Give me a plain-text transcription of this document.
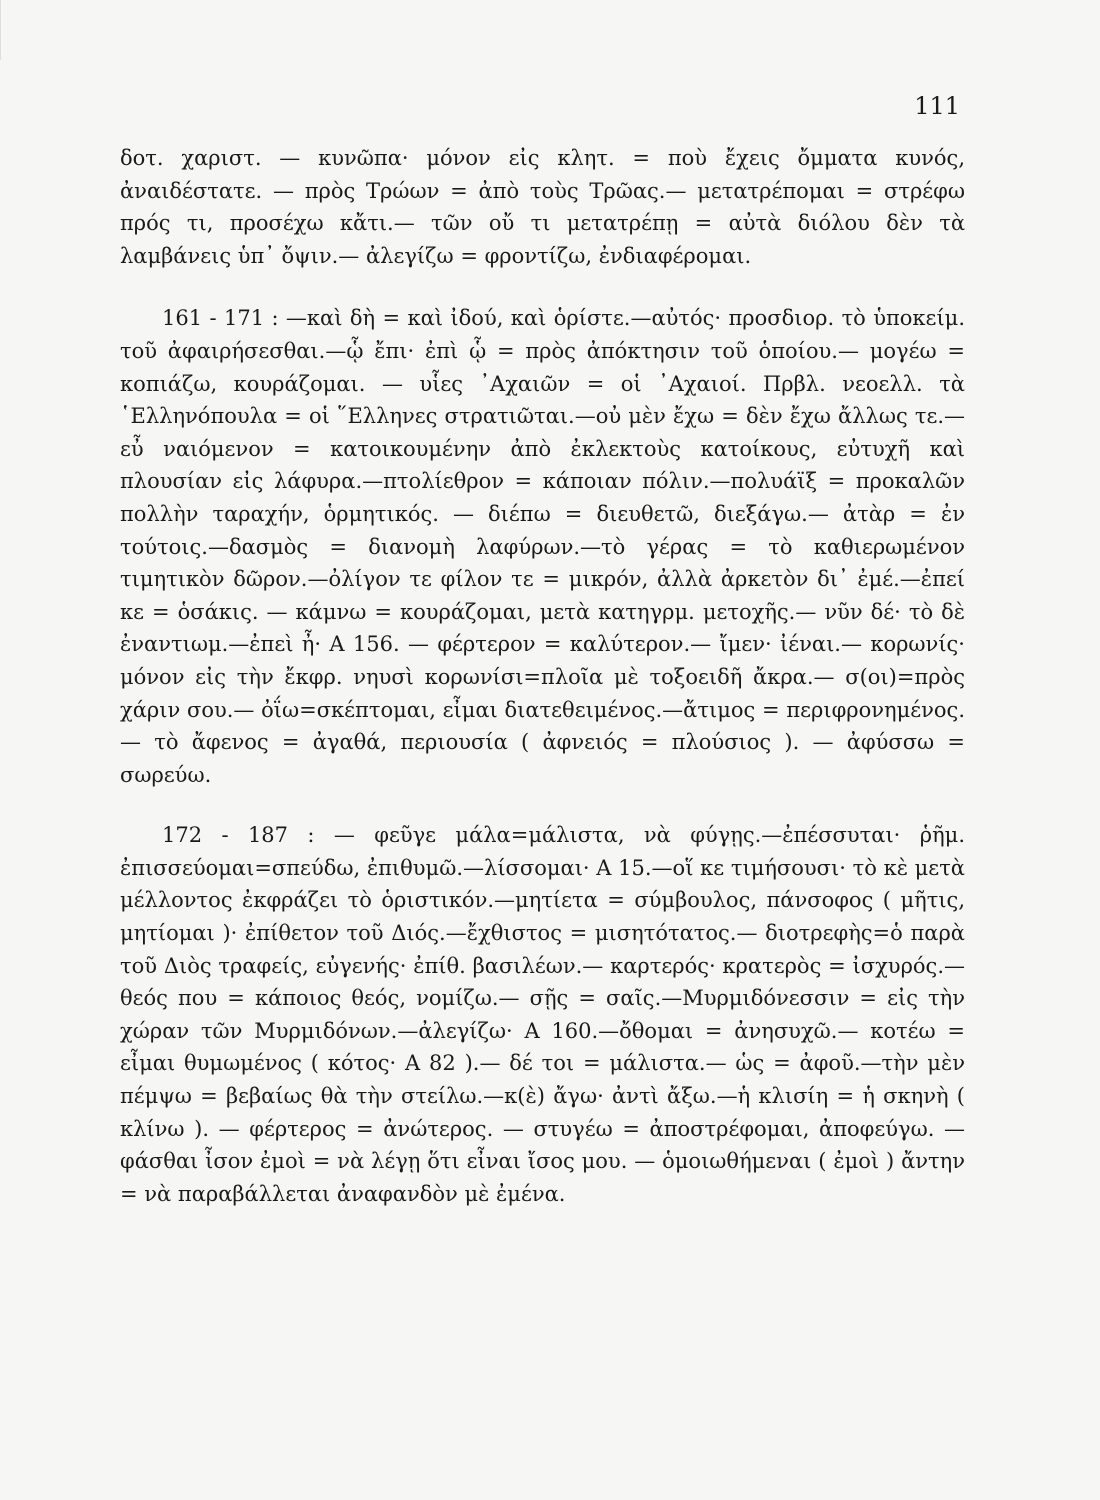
111

δοτ. χαριστ. — κυνῶπα· μόνον εἰς κλητ. = ποὺ ἔχεις ὄμματα κυνός, ἀναιδέστατε. — πρὸς Τρώων = ἀπὸ τοὺς Τρῶας.— μετατρέπομαι = στρέφω πρός τι, προσέχω κἄτι.— τῶν οὔ τι μετατρέπῃ = αὐτὰ διόλου δὲν τὰ λαμβάνεις ὑπ᾽ ὄψιν.— ἀλεγίζω = φροντίζω, ἐνδιαφέρομαι.

161 - 171 : —καὶ δὴ = καὶ ἰδού, καὶ ὁρίστε.—αὐτός· προσδιορ. τὸ ὑποκείμ. τοῦ ἀφαιρήσεσθαι.—ᾧ ἔπι· ἐπὶ ᾧ = πρὸς ἀπόκτησιν τοῦ ὁποίου.— μογέω = κοπιάζω, κουράζομαι. — υἷες ᾽Αχαιῶν = οἱ ᾽Αχαιοί. Πρβλ. νεοελλ. τὰ ῾Ελληνόπουλα = οἱ ῞Ελληνες στρατιῶται.—οὐ μὲν ἔχω = δὲν ἔχω ἄλλως τε.— εὖ ναιόμενον = κατοικουμένην ἀπὸ ἐκλεκτοὺς κατοίκους, εὐτυχῆ καὶ πλουσίαν εἰς λάφυρα.—πτολίεθρον = κάποιαν πόλιν.—πολυάϊξ = προκαλῶν πολλὴν ταραχήν, ὁρμητικός. — διέπω = διευθετῶ, διεξάγω.— ἀτὰρ = ἐν τούτοις.—δασμὸς = διανομὴ λαφύρων.—τὸ γέρας = τὸ καθιερωμένον τιμητικὸν δῶρον.—ὀλίγον τε φίλον τε = μικρόν, ἀλλὰ ἀρκετὸν δι᾽ ἐμέ.—ἐπεί κε = ὁσάκις. — κάμνω = κουράζομαι, μετὰ κατηγρμ. μετοχῆς.— νῦν δέ· τὸ δὲ ἐναντιωμ.—ἐπεὶ ἦ· Α 156. — φέρτερον = καλύτερον.— ἴμεν· ἰέναι.— κορωνίς· μόνον εἰς τὴν ἔκφρ. νηυσὶ κορωνίσι=πλοῖα μὲ τοξοειδῆ ἄκρα.— σ(οι)=πρὸς χάριν σου.— ὀΐω=σκέπτομαι, εἶμαι διατεθειμένος.—ἄτιμος = περιφρονημένος.— τὸ ἄφενος = ἀγαθά, περιουσία ( ἀφνειός = πλούσιος ). — ἀφύσσω = σωρεύω.

172 - 187 : — φεῦγε μάλα=μάλιστα, νὰ φύγῃς.—ἐπέσσυται· ῥῆμ. ἐπισσεύομαι=σπεύδω, ἐπιθυμῶ.—λίσσομαι· Α 15.—οἵ κε τιμήσουσι· τὸ κὲ μετὰ μέλλοντος ἐκφράζει τὸ ὁριστικόν.—μητίετα = σύμβουλος, πάνσοφος ( μῆτις, μητίομαι )· ἐπίθετον τοῦ Διός.—ἔχθιστος = μισητότατος.— διοτρεφὴς=ὁ παρὰ τοῦ Διὸς τραφείς, εὐγενής· ἐπίθ. βασιλέων.— καρτερός· κρατερὸς = ἰσχυρός.— θεός που = κάποιος θεός, νομίζω.— σῇς = σαῖς.—Μυρμιδόνεσσιν = εἰς τὴν χώραν τῶν Μυρμιδόνων.—ἀλεγίζω· Α 160.—ὄθομαι = ἀνησυχῶ.— κοτέω = εἶμαι θυμωμένος ( κότος· Α 82 ).— δέ τοι = μάλιστα.— ὡς = ἀφοῦ.—τὴν μὲν πέμψω = βεβαίως θὰ τὴν στείλω.—κ(ὲ) ἄγω· ἀντὶ ἄξω.—ἡ κλισίη = ἡ σκηνὴ ( κλίνω ). — φέρτερος = ἀνώτερος. — στυγέω = ἀποστρέφομαι, ἀποφεύγω. — φάσθαι ἶσον ἐμοὶ = νὰ λέγῃ ὅτι εἶναι ἴσος μου. — ὁμοιωθήμεναι ( ἐμοὶ ) ἄντην = νὰ παραβάλλεται ἀναφανδὸν μὲ ἐμένα.
